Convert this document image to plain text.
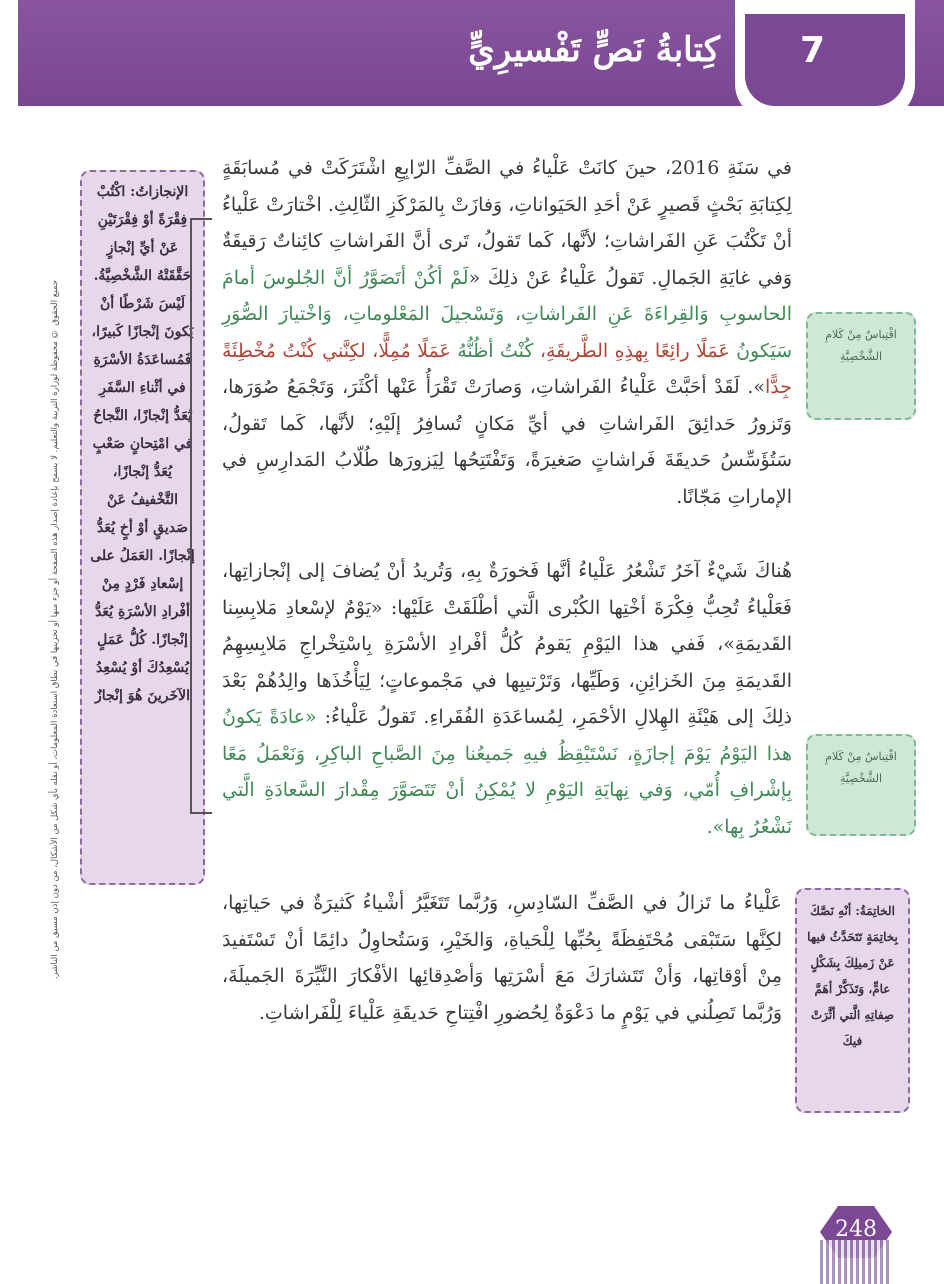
7
كِتابةُ نَصٍّ تَفْسيرِيٍّ
جميع الحقوق © محفوظة لوزارة التربية والتعليم. لا يسمح بإعادة إصدار هذه الصفحة أو جزء منها أو تخزينها في نطاق استعادة المعلومات، أو نقله بأي شكل من الأشكال، من دون إذن مسبق من الناشر.
الإنجازاتُ: اكْتُبْ فِقْرَةً أوْ فِقْرَتَيْنِ عَنْ أيِّ إنْجازٍ حَقَّقَتْهُ الشَّخْصِيَّةُ. لَيْسَ شَرْطًا أنْ يَكونَ إنْجازًا كَبيرًا، فَمُساعَدَةُ الأسْرَةِ في أثْناءِ السَّفَرِ يُعَدُّ إنْجازًا، النَّجاحُ في امْتِحانٍ صَعْبٍ يُعَدُّ إنْجازًا، التَّخْفيفُ عَنْ صَديقٍ أوْ أخٍ يُعَدُّ إنْجازًا. العَمَلُ على إسْعادِ فَرْدٍ مِنْ أفْرادِ الأسْرَةِ يُعَدُّ إنْجازًا. كُلُّ عَمَلٍ يُسْعِدُكَ أوْ يُسْعِدُ الآخَرينَ هُوَ إنْجازٌ
اقْتِباسٌ مِنْ كَلامِ الشَّخْصِيَّةِ
اقْتِباسٌ مِنْ كَلامِ الشَّخْصِيَّةِ

في سَنَةِ 2016، حينَ كانَتْ عَلْياءُ في الصَّفِّ الرّابِعِ اشْتَرَكَتْ في مُسابَقَةٍ لِكِتابَةِ بَحْثٍ قَصيرٍ عَنْ أحَدِ الحَيَواناتِ، وَفازَتْ بِالمَرْكَزِ الثّالِثِ. اخْتارَتْ عَلْياءُ أنْ تَكْتُبَ عَنِ الفَراشاتِ؛ لأنَّها، كَما تَقولُ، تَرى أنَّ الفَراشاتِ كائِناتٌ رَقيقَةٌ وَفي غايَةِ الجَمالِ. تَقولُ عَلْياءُ عَنْ ذلِكَ «لَمْ أكُنْ أتَصَوَّرُ أنَّ الجُلوسَ أمامَ الحاسوبِ وَالقِراءَةَ عَنِ الفَراشاتِ، وَتَسْجيلَ المَعْلوماتِ، وَاخْتيارَ الصُّوَرِ سَيَكونُ عَمَلًا رائِعًا بِهذِهِ الطَّريقَةِ، كُنْتُ أظُنُّهُ عَمَلًا مُمِلًّا، لكِنَّني كُنْتُ مُخْطِئَةً جِدًّا». لَقَدْ أحَبَّتْ عَلْياءُ الفَراشاتِ، وَصارَتْ تَقْرَأُ عَنْها أكْثَرَ، وَتَجْمَعُ صُوَرَها، وَتَزورُ حَدائِقَ الفَراشاتِ في أيِّ مَكانٍ تُسافِرُ إلَيْهِ؛ لأنَّها، كَما تَقولُ، سَتُؤَسِّسُ حَديقَةَ فَراشاتٍ صَغيرَةً، وَتَفْتَتِحُها لِيَزورَها طُلّابُ المَدارِسِ في الإماراتِ مَجّانًا.

هُناكَ شَيْءٌ آخَرُ تَشْعُرُ عَلْياءُ أنَّها فَخورَةٌ بِهِ، وَتُريدُ أنْ يُضافَ إلى إنْجازاتِها، فَعَلْياءُ تُحِبُّ فِكْرَةَ أخْتِها الكُبْرى الَّتي أطْلَقَتْ عَلَيْها: «يَوْمٌ لإسْعادِ مَلابِسِنا القَديمَةِ»، فَفي هذا اليَوْمِ يَقومُ كُلُّ أفْرادِ الأسْرَةِ بِاسْتِخْراجِ مَلابِسِهِمُ القَديمَةِ مِنَ الخَزائِنِ، وَطَيِّها، وَتَرْتيبِها في مَجْموعاتٍ؛ لِيَأْخُذَها والِدُهُمْ بَعْدَ ذلِكَ إلى هَيْئَةِ الهِلالِ الأحْمَرِ، لِمُساعَدَةِ الفُقَراءِ. تَقولُ عَلْياءُ: «عادَةً يَكونُ هذا اليَوْمُ يَوْمَ إجازَةٍ، نَسْتَيْقِظُ فيهِ جَميعُنا مِنَ الصَّباحِ الباكِرِ، وَنَعْمَلُ مَعًا بِإشْرافِ أُمّي، وَفي نِهايَةِ اليَوْمِ لا يُمْكِنُ أنْ تَتَصَوَّرَ مِقْدارَ السَّعادَةِ الَّتي نَشْعُرُ بِها».

الخاتِمَةُ: أنْهِ نَصَّكَ بِخاتِمَةٍ تَتَحَدَّثُ فيها عَنْ زَميلِكَ بِشَكْلٍ عامٍّ، وَتَذَكَّرْ أهَمَّ صِفاتِهِ الَّتي أثَّرَتْ فيكَ

عَلْياءُ ما تَزالُ في الصَّفِّ السّادِسِ، وَرُبَّما تَتَغَيَّرُ أشْياءُ كَثيرَةٌ في حَياتِها، لكِنَّها سَتَبْقى مُحْتَفِظَةً بِحُبِّها لِلْحَياةِ، وَالخَيْرِ، وَسَتُحاوِلُ دائِمًا أنْ تَسْتَفيدَ مِنْ أوْقاتِها، وَأنْ تَتَشارَكَ مَعَ أسْرَتِها وَأصْدِقائِها الأفْكارَ النَّيِّرَةَ الجَميلَةَ، وَرُبَّما تَصِلُني في يَوْمٍ ما دَعْوَةٌ لِحُضورِ افْتِتاحِ حَديقَةِ عَلْياءَ لِلْفَراشاتِ.

248
